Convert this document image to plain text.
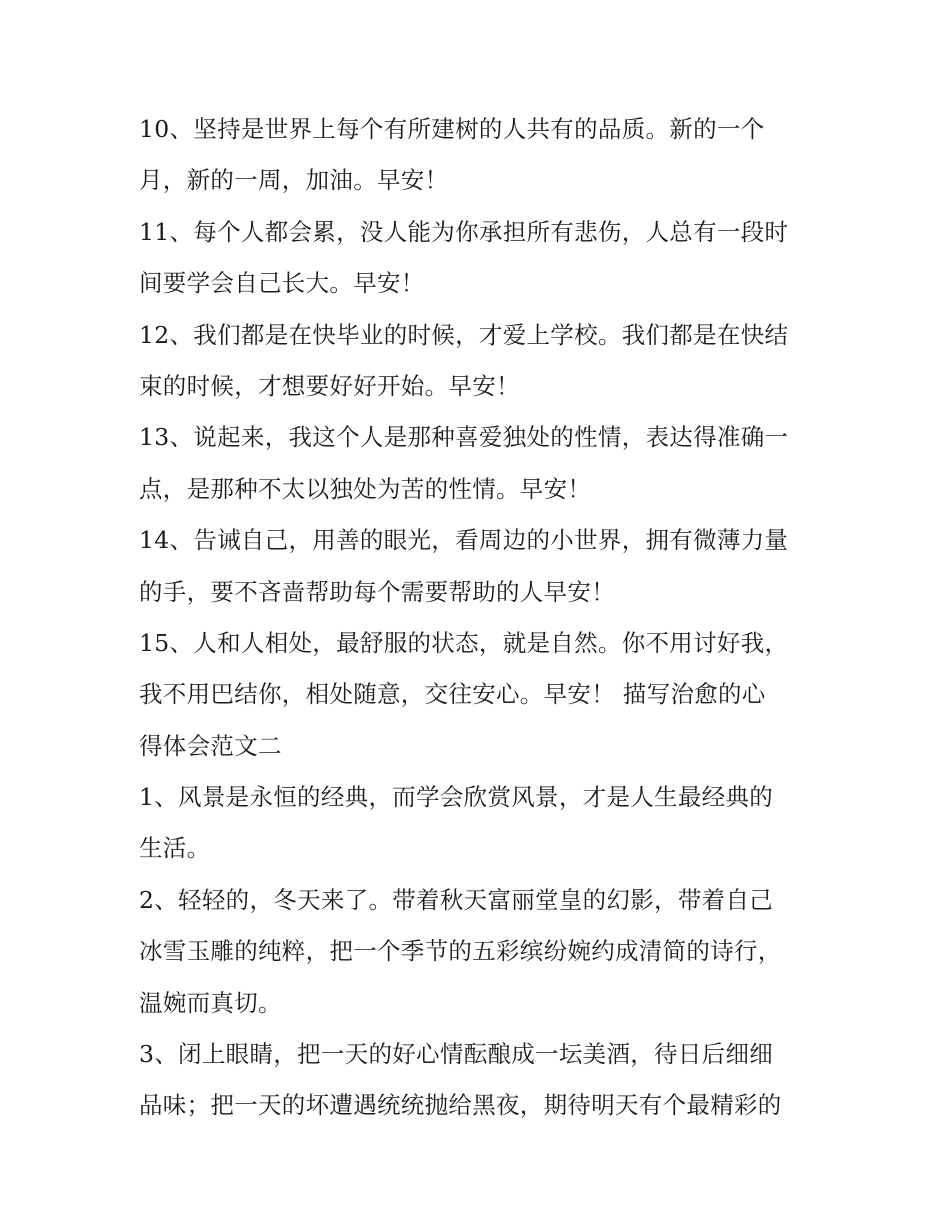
10、坚持是世界上每个有所建树的人共有的品质。新的一个
月，新的一周，加油。早安！
11、每个人都会累，没人能为你承担所有悲伤，人总有一段时
间要学会自己长大。早安！
12、我们都是在快毕业的时候，才爱上学校。我们都是在快结
束的时候，才想要好好开始。早安！
13、说起来，我这个人是那种喜爱独处的性情，表达得准确一
点，是那种不太以独处为苦的性情。早安！
14、告诫自己，用善的眼光，看周边的小世界，拥有微薄力量
的手，要不吝啬帮助每个需要帮助的人早安！
15、人和人相处，最舒服的状态，就是自然。你不用讨好我，
我不用巴结你，相处随意，交往安心。早安！ 描写治愈的心
得体会范文二
1、风景是永恒的经典，而学会欣赏风景，才是人生最经典的
生活。
2、轻轻的，冬天来了。带着秋天富丽堂皇的幻影，带着自己
冰雪玉雕的纯粹，把一个季节的五彩缤纷婉约成清简的诗行，
温婉而真切。
3、闭上眼睛，把一天的好心情酝酿成一坛美酒，待日后细细
品味；把一天的坏遭遇统统抛给黑夜，期待明天有个最精彩的
